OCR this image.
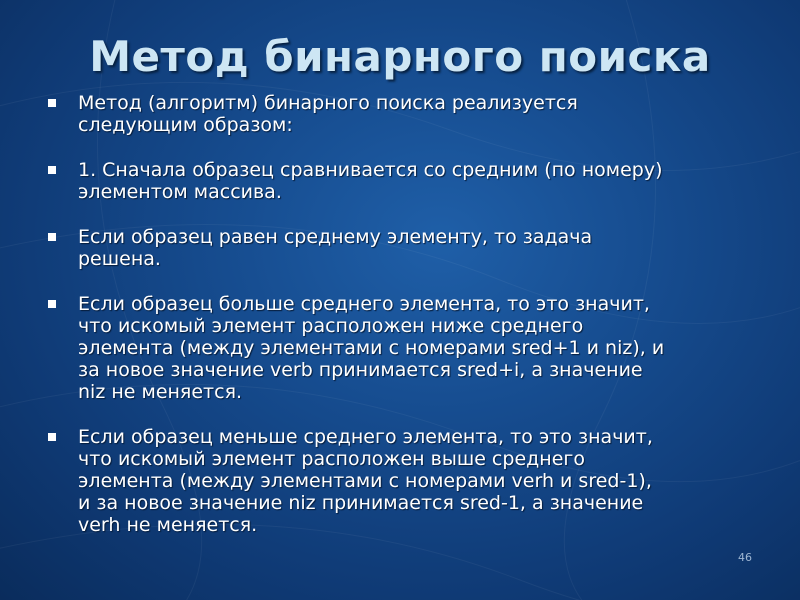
Метод бинарного поиска
Метод (алгоритм) бинарного поиска реализуется
следующим образом:
1. Сначала образец сравнивается со средним (по номеру)
элементом массива.
Если образец равен среднему элементу, то задача
решена.
Если образец больше среднего элемента, то это значит,
что искомый элемент расположен ниже среднего
элемента (между элементами с номерами sred+1 и niz), и
за новое значение verb принимается sred+i, а значение
niz не меняется.
Если образец меньше среднего элемента, то это значит,
что искомый элемент расположен выше среднего
элемента (между элементами с номерами verh и sred-1),
и за новое значение niz принимается sred-1, а значение
verh не меняется.
46
